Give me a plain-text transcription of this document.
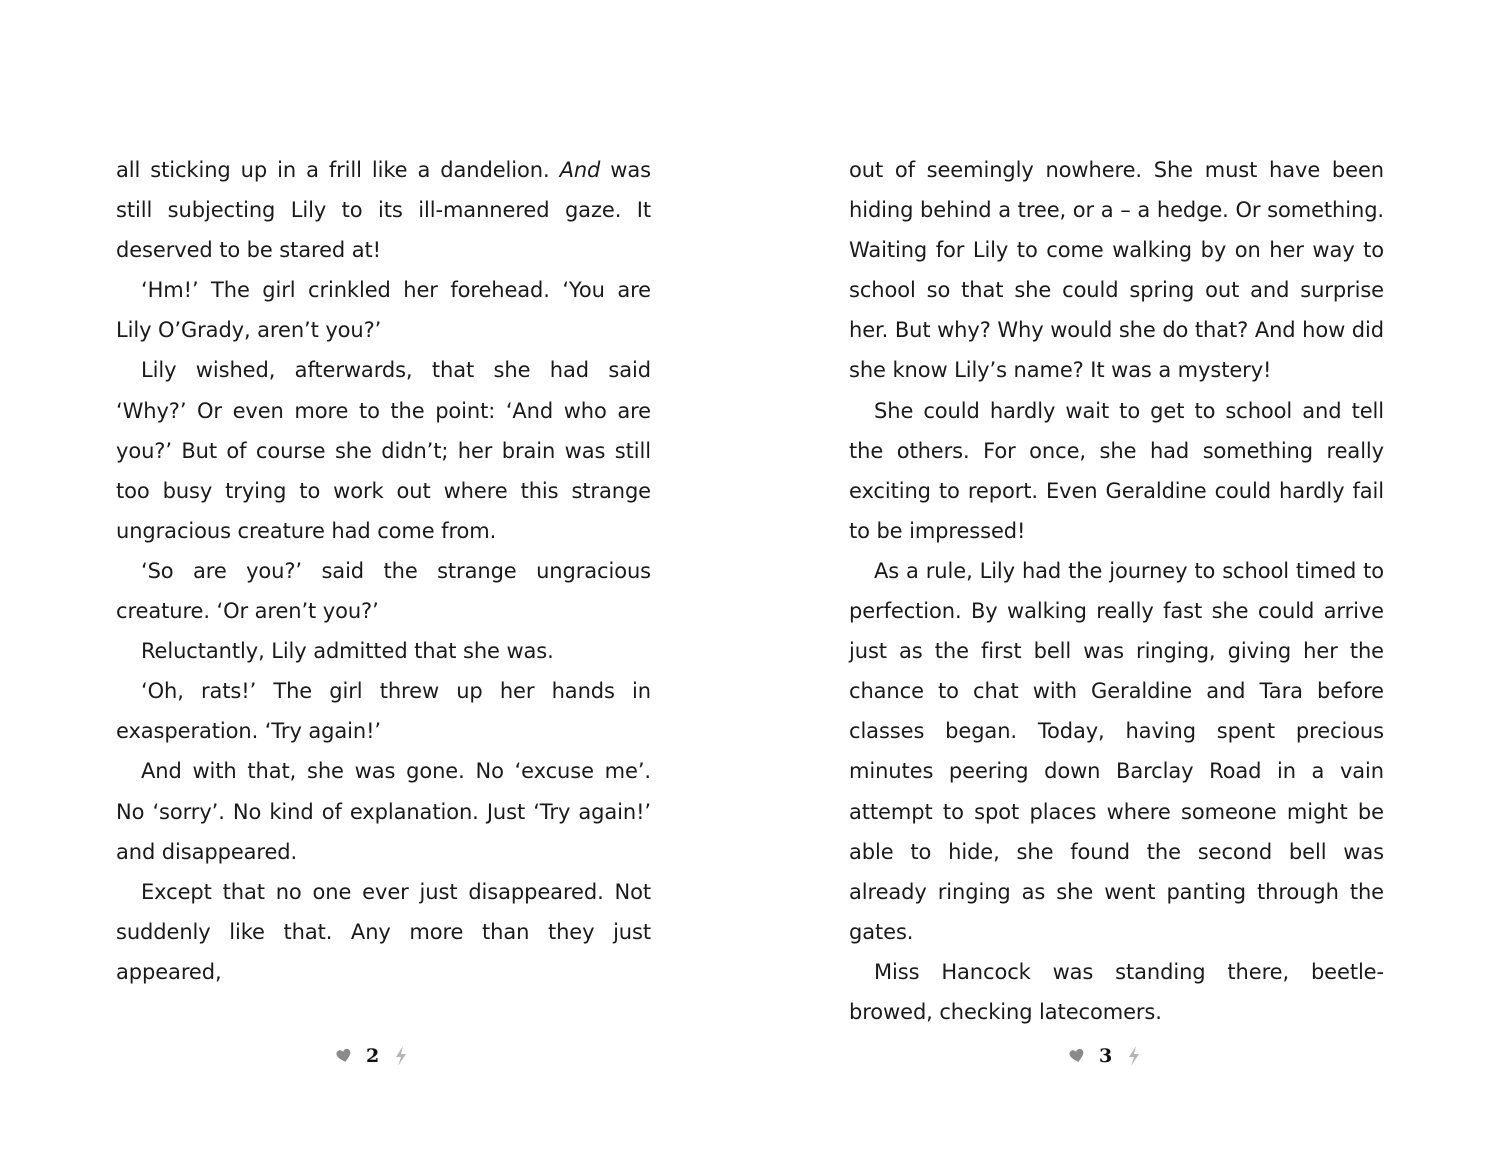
all sticking up in a frill like a dandelion. And was still subjecting Lily to its ill-mannered gaze. It deserved to be stared at!

‘Hm!’ The girl crinkled her forehead. ‘You are Lily O’Grady, aren’t you?’

Lily wished, afterwards, that she had said ‘Why?’ Or even more to the point: ‘And who are you?’ But of course she didn’t; her brain was still too busy trying to work out where this strange ungracious creature had come from.

‘So are you?’ said the strange ungracious creature. ‘Or aren’t you?’

Reluctantly, Lily admitted that she was.

‘Oh, rats!’ The girl threw up her hands in exasperation. ‘Try again!’

And with that, she was gone. No ‘excuse me’. No ‘sorry’. No kind of explanation. Just ‘Try again!’ and disappeared.

Except that no one ever just disappeared. Not suddenly like that. Any more than they just appeared,

out of seemingly nowhere. She must have been hiding behind a tree, or a – a hedge. Or something. Waiting for Lily to come walking by on her way to school so that she could spring out and surprise her. But why? Why would she do that? And how did she know Lily’s name? It was a mystery!

She could hardly wait to get to school and tell the others. For once, she had something really exciting to report. Even Geraldine could hardly fail to be impressed!

As a rule, Lily had the journey to school timed to perfection. By walking really fast she could arrive just as the first bell was ringing, giving her the chance to chat with Geraldine and Tara before classes began. Today, having spent precious minutes peering down Barclay Road in a vain attempt to spot places where someone might be able to hide, she found the second bell was already ringing as she went panting through the gates.

Miss Hancock was standing there, beetle-browed, checking latecomers.

2	3
